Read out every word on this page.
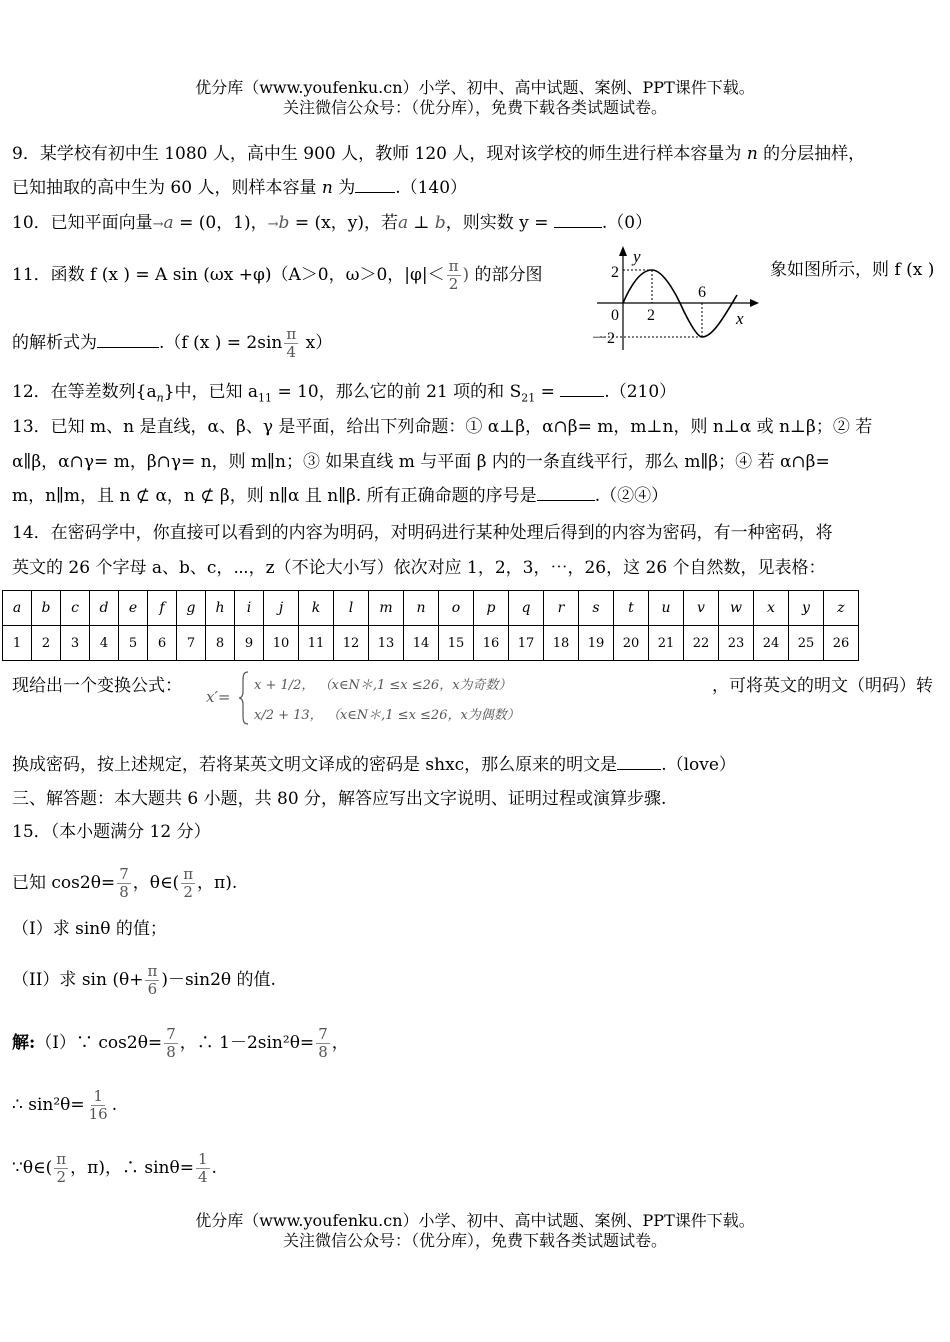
优分库（www.youfenku.cn）小学、初中、高中试题、案例、PPT课件下载。
关注微信公众号：（优分库），免费下载各类试题试卷。
9．某学校有初中生 1080 人，高中生 900 人，教师 120 人，现对该学校的师生进行样本容量为 n 的分层抽样，
已知抽取的高中生为 60 人，则样本容量 n 为 .（140）
10．已知平面向量→a = (0，1)，→b = (x，y)，若a ⊥ b，则实数 y =	.（0）
11．函数 f (x ) = A sin (ωx +φ)（A＞0，ω＞0，$|\varphi|< \frac{\pi}{2}$ ) 的部分图	象如图所示，则 f (x )
y
x
2
－2
0 2
6
的解析式为	.（f (x ) = $2\sin \frac{\pi}{4} x$）
12．在等差数列$\{a_n\}$中，已知 $a_{11} = 10$，那么它的前 21 项的和 $S_{21}$ =	.（210）
13．已知 m、n 是直线，α、β、γ 是平面，给出下列命题：① α⊥β，α∩β= m，m⊥n，则 n⊥α 或 n⊥β；② 若
α∥β，α∩γ= m，β∩γ= n，则 m∥n；③ 如果直线 m 与平面 β 内的一条直线平行，那么 m∥β；④ 若 α∩β=
m，n∥m，且 n ⊄ α，n ⊄ β，则 n∥α 且 n∥β. 所有正确命题的序号是	.（②④）
14．在密码学中，你直接可以看到的内容为明码，对明码进行某种处理后得到的内容为密码，有一种密码，将
英文的 26 个字母 a、b、c，⋯，z（不论大小写）依次对应 1，2，3，⋯，26，这 26 个自然数，见表格：
a	b	c	d	e	f	g	h	i	j	k	l	m	n	o	p	q	r	s	t	u	v	w	x	y	z
1	2	3	4	5	6	7	8	9	10	11	12	13	14	15	16	17	18	19	20	21	22	23	24	25	26
现给出一个变换公式：
x′=
x + 1/2， （x∈N＊,1 ≤x ≤26，x为奇数）
x/2 + 13， （x∈N＊,1 ≤x ≤26，x为偶数）
，可将英文的明文（明码）转
换成密码，按上述规定，若将某英文明文译成的密码是 shxc，那么原来的明文是	.（love）
三、解答题：本大题共 6 小题，共 80 分，解答应写出文字说明、证明过程或演算步骤.
15．（本小题满分 12 分）
已知 $\cos 2\theta= \frac{7}{8}$ ，θ∈( $\frac{\pi}{2}$ ，π).
（I）求 sinθ 的值；
（II）求 $\sin (\theta+ \frac{\pi}{6} )-\sin 2\theta$ 的值.
解:（I）∵ $\cos 2\theta= \frac{7}{8}$ ，∴ $1-2\sin^2\theta= \frac{7}{8}$ ，
∴ $\sin^2\theta= \frac{1}{16}$ .
∵θ∈( $\frac{\pi}{2}$ ，π)，∴ $\sin\theta= \frac{1}{4}$ .
优分库（www.youfenku.cn）小学、初中、高中试题、案例、PPT课件下载。
关注微信公众号：（优分库），免费下载各类试题试卷。
